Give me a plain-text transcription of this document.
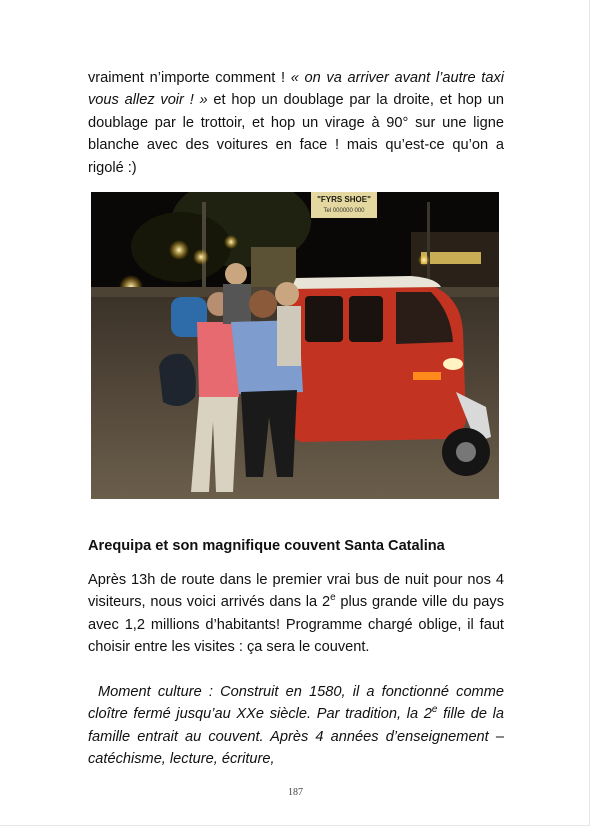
vraiment n’importe comment ! « on va arriver avant l’autre taxi vous allez voir ! » et hop un doublage par la droite, et hop un doublage par le trottoir, et hop un virage à 90° sur une ligne blanche avec des voitures en face ! mais qu’est-ce qu’on a rigolé :)

"FYRS SHOE"
Tel 000000 000
Arequipa et son magnifique couvent Santa Catalina

Après 13h de route dans le premier vrai bus de nuit pour nos 4 visiteurs, nous voici arrivés dans la 2e plus grande ville du pays avec 1,2 millions d’habitants! Programme chargé oblige, il faut choisir entre les visites : ça sera le couvent.

Moment culture : Construit en 1580, il a fonctionné comme cloître fermé jusqu’au XXe siècle. Par tradition, la 2e fille de la famille entrait au couvent. Après 4 années d’enseignement –catéchisme, lecture, écriture,

187
